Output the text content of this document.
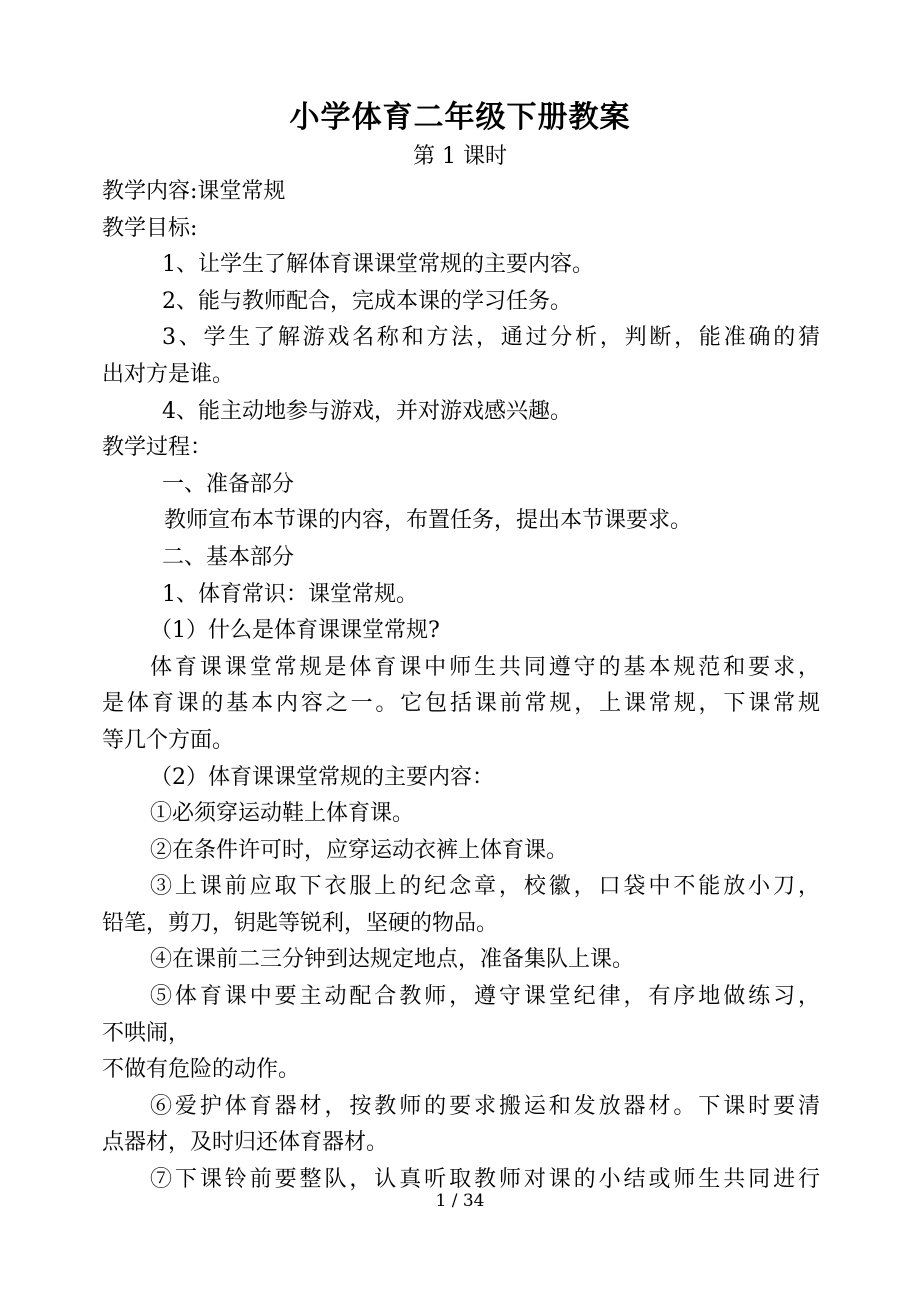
小学体育二年级下册教案
第 1 课时
教学内容:课堂常规
教学目标:
1、让学生了解体育课课堂常规的主要内容。
2、能与教师配合，完成本课的学习任务。
3、学生了解游戏名称和方法，通过分析，判断，能准确的猜
出对方是谁。
4、能主动地参与游戏，并对游戏感兴趣。
教学过程：
一、准备部分
教师宣布本节课的内容，布置任务，提出本节课要求。
二、基本部分
1、体育常识：课堂常规。
（1）什么是体育课课堂常规?
体育课课堂常规是体育课中师生共同遵守的基本规范和要求，
是体育课的基本内容之一。它包括课前常规，上课常规，下课常规
等几个方面。
（2）体育课课堂常规的主要内容：
①必须穿运动鞋上体育课。
②在条件许可时，应穿运动衣裤上体育课。
③上课前应取下衣服上的纪念章，校徽，口袋中不能放小刀，
铅笔，剪刀，钥匙等锐利，坚硬的物品。
④在课前二三分钟到达规定地点，准备集队上课。
⑤体育课中要主动配合教师，遵守课堂纪律，有序地做练习，
不哄闹，
不做有危险的动作。
⑥爱护体育器材，按教师的要求搬运和发放器材。下课时要清
点器材，及时归还体育器材。
⑦下课铃前要整队，认真听取教师对课的小结或师生共同进行
1 / 34
